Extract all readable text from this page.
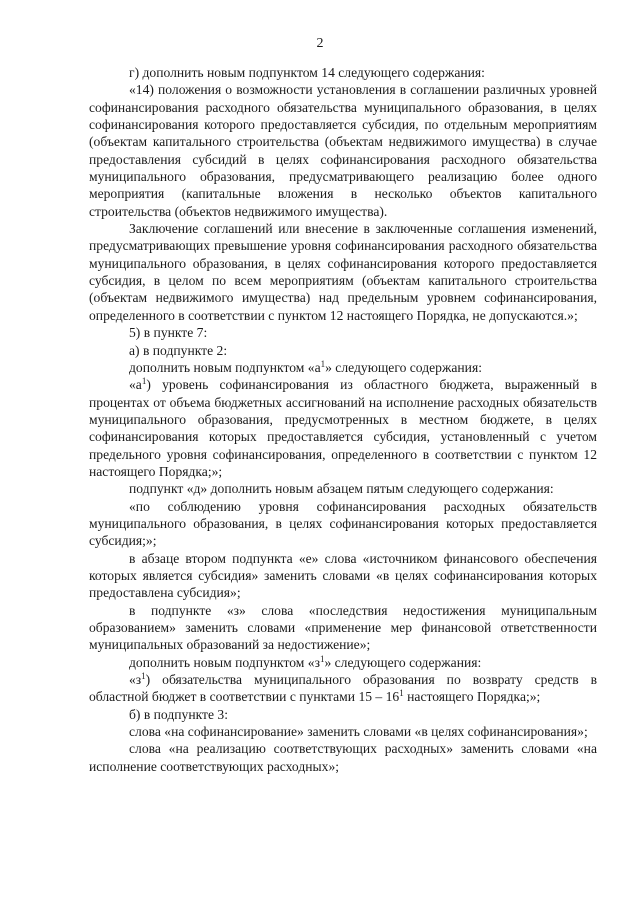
2

г) дополнить новым подпунктом 14 следующего содержания:

«14) положения о возможности установления в соглашении различных уровней софинансирования расходного обязательства муниципального образования, в целях софинансирования которого предоставляется субсидия, по отдельным мероприятиям (объектам капитального строительства (объектам недвижимого имущества) в случае предоставления субсидий в целях софинансирования расходного обязательства муниципального образования, предусматривающего реализацию более одного мероприятия (капитальные вложения в несколько объектов капитального строительства (объектов недвижимого имущества).

Заключение соглашений или внесение в заключенные соглашения изменений, предусматривающих превышение уровня софинансирования расходного обязательства муниципального образования, в целях софинансирования которого предоставляется субсидия, в целом по всем мероприятиям (объектам капитального строительства (объектам недвижимого имущества) над предельным уровнем софинансирования, определенного в соответствии с пунктом 12 настоящего Порядка, не допускаются.»;

5) в пункте 7:

а) в подпункте 2:

дополнить новым подпунктом «$а^1$» следующего содержания:

«$а^1$) уровень софинансирования из областного бюджета, выраженный в процентах от объема бюджетных ассигнований на исполнение расходных обязательств муниципального образования, предусмотренных в местном бюджете, в целях софинансирования которых предоставляется субсидия, установленный с учетом предельного уровня софинансирования, определенного в соответствии с пунктом 12 настоящего Порядка;»;

подпункт «д» дополнить новым абзацем пятым следующего содержания:

«по соблюдению уровня софинансирования расходных обязательств муниципального образования, в целях софинансирования которых предоставляется субсидия;»;

в абзаце втором подпункта «е» слова «источником финансового обеспечения которых является субсидия» заменить словами «в целях софинансирования которых предоставлена субсидия»;

в подпункте «з» слова «последствия недостижения муниципальным образованием» заменить словами «применение мер финансовой ответственности муниципальных образований за недостижение»;

дополнить новым подпунктом «$з^1$» следующего содержания:

«$з^1$) обязательства муниципального образования по возврату средств в областной бюджет в соответствии с пунктами $15 - 16^1$ настоящего Порядка;»;

б) в подпункте 3:

слова «на софинансирование» заменить словами «в целях софинансирования»;

слова «на реализацию соответствующих расходных» заменить словами «на исполнение соответствующих расходных»;
